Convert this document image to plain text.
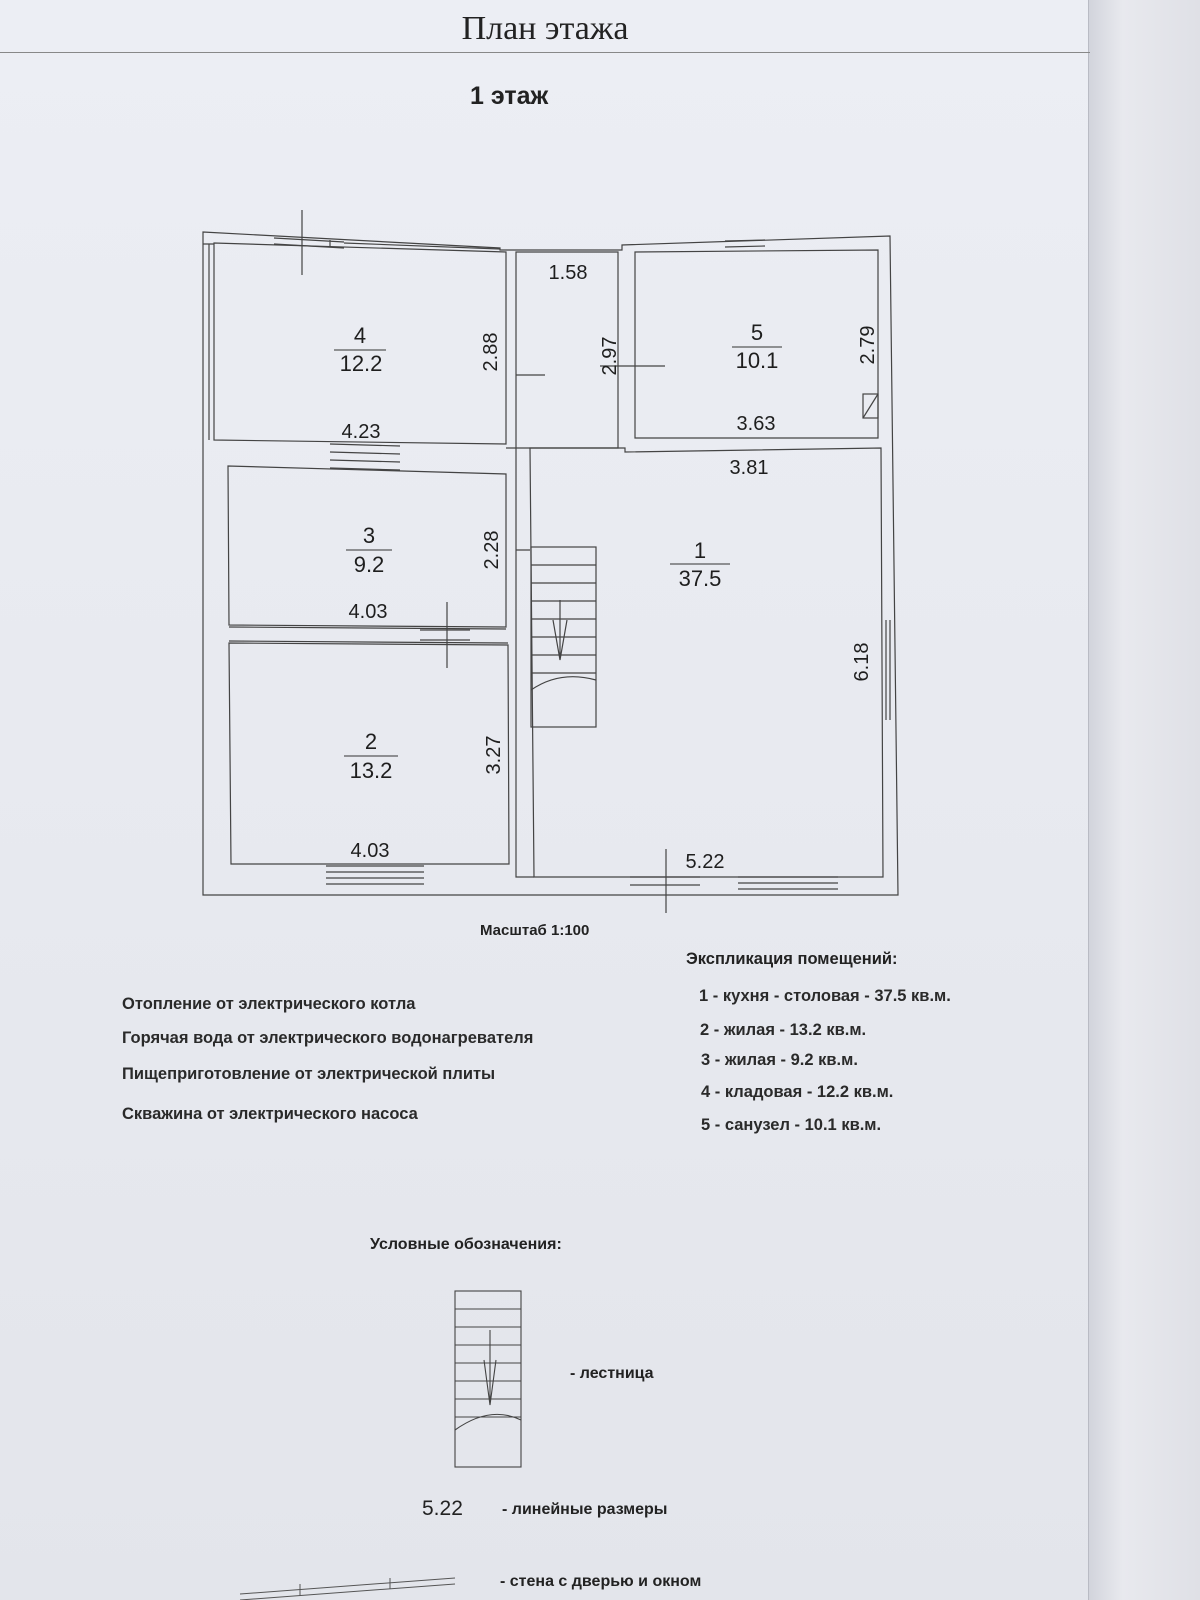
План этажа
1 этаж
4
12.2
5
10.1
1
37.5
3
9.2
2
13.2
4.23
1.58
3.63
3.81
4.03
4.03	5.22
2.88	2.97	2.79
2.28
3.27
6.18
Масштаб 1:100
Отопление от электрического котла
Горячая вода от электрического водонагревателя
Пищеприготовление от электрической плиты
Скважина от электрического насоса
Экспликация помещений:
1 - кухня - столовая - 37.5 кв.м.
2 - жилая - 13.2 кв.м.
3 - жилая - 9.2 кв.м.
4 - кладовая - 12.2 кв.м.
5 - санузел - 10.1 кв.м.
Условные обозначения:
- лестница
5.22 - линейные размеры
- стена с дверью и окном
